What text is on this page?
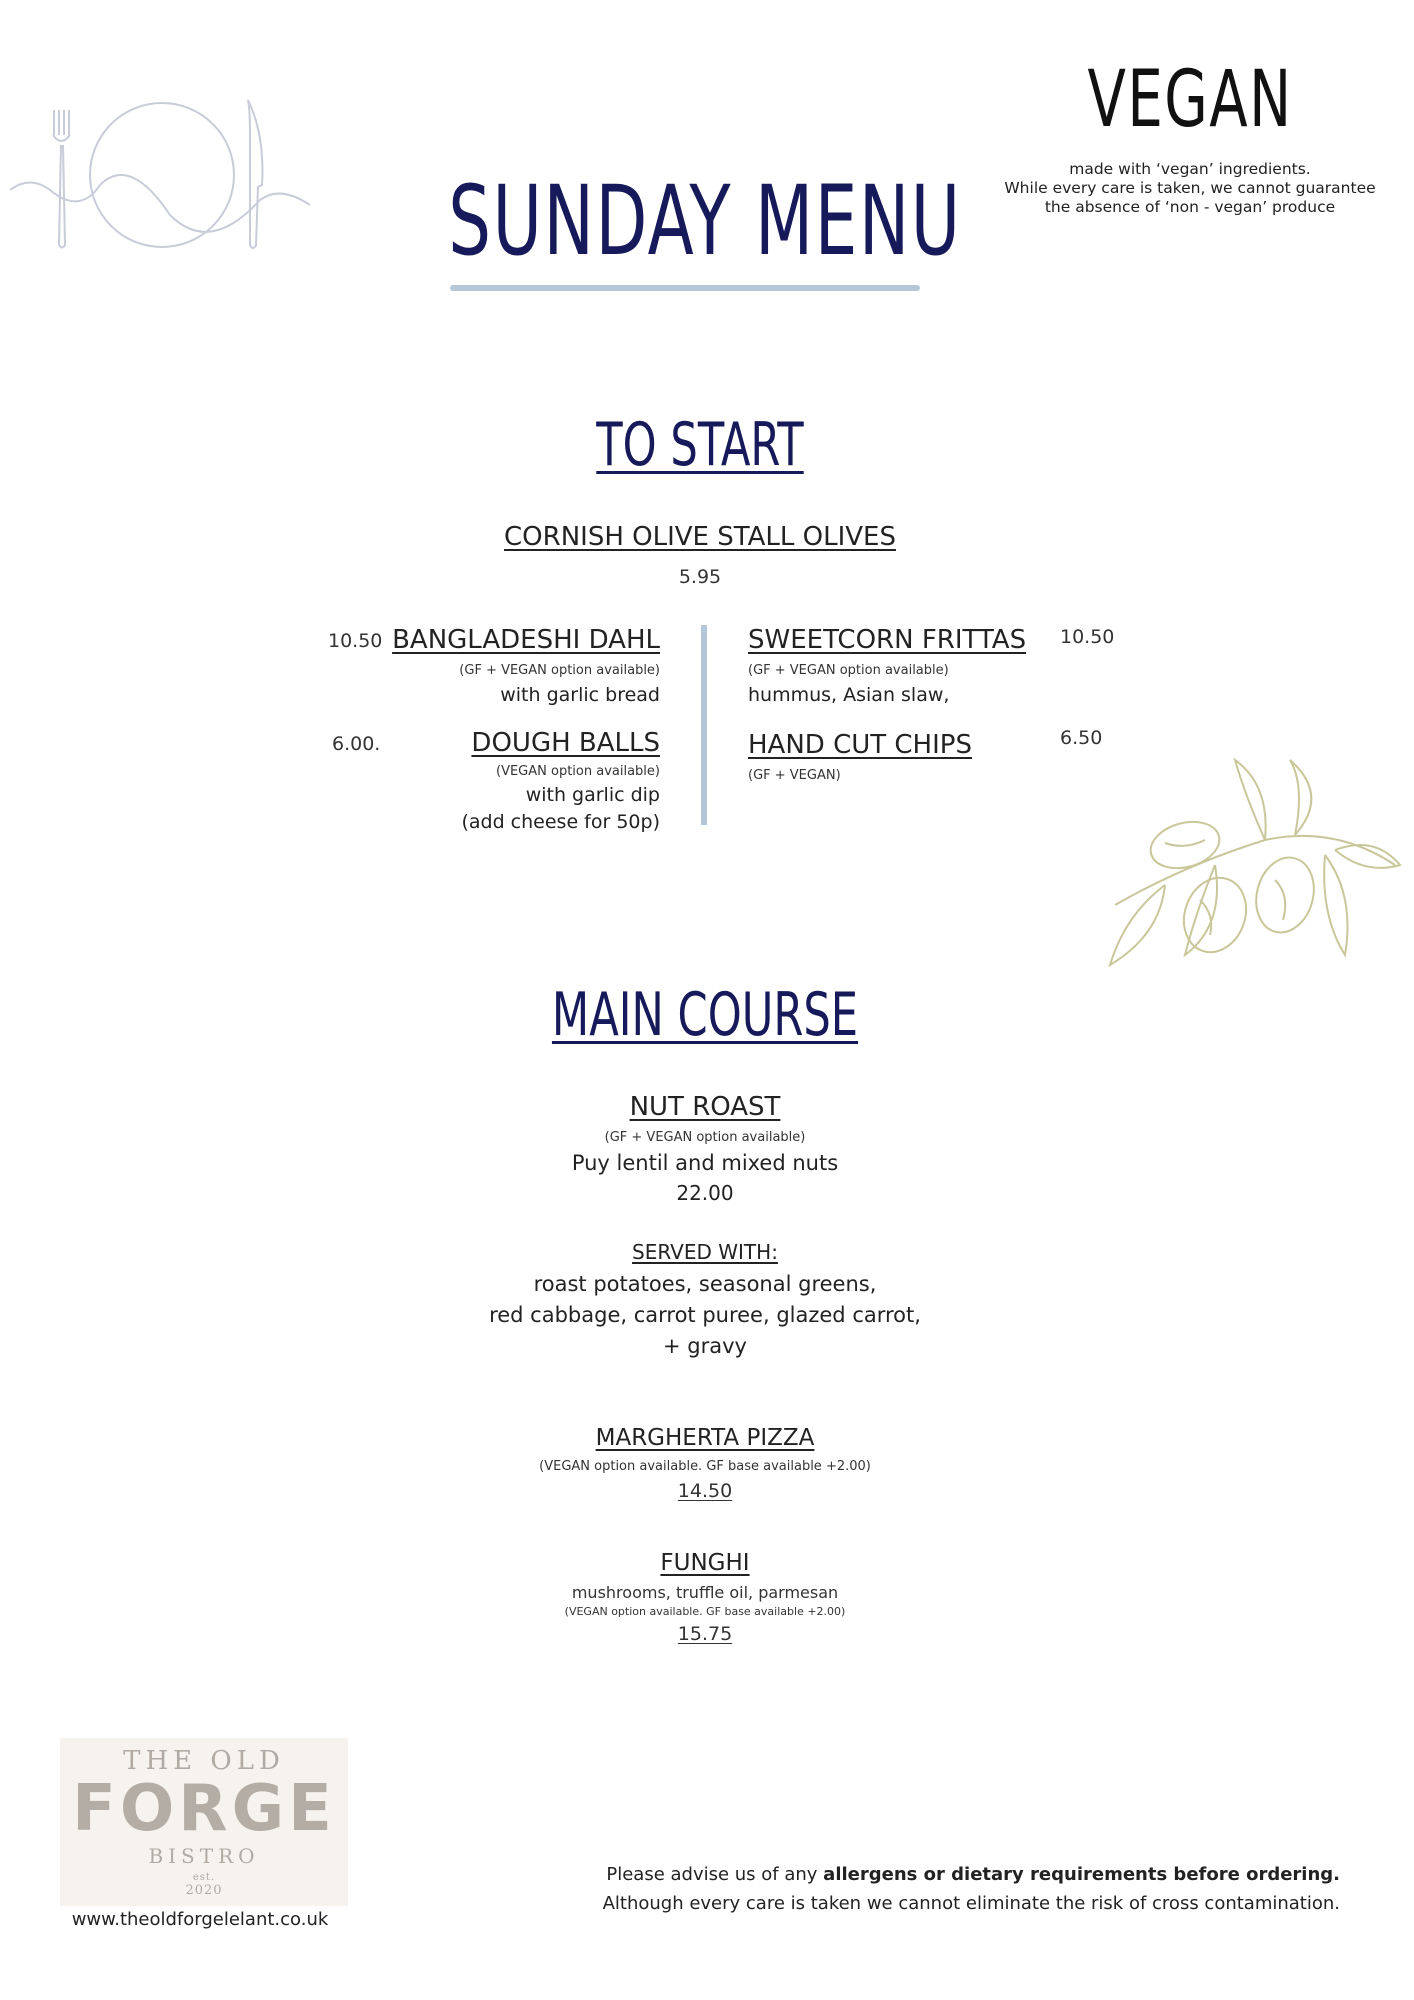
VEGAN
made with ‘vegan’ ingredients.
While every care is taken, we cannot guarantee
the absence of ‘non - vegan’ produce
SUNDAY MENU
TO START
CORNISH OLIVE STALL OLIVES
5.95
10.50 BANGLADESHI DAHL
(GF + VEGAN option available)
with garlic bread
6.00.	DOUGH BALLS
(VEGAN option available)
with garlic dip
(add cheese for 50p)
SWEETCORN FRITTAS
(GF + VEGAN option available)
hummus, Asian slaw,
10.50
HAND CUT CHIPS
(GF + VEGAN)
6.50
MAIN COURSE
NUT ROAST
(GF + VEGAN option available)
Puy lentil and mixed nuts
22.00
SERVED WITH:
roast potatoes, seasonal greens,
red cabbage, carrot puree, glazed carrot,
+ gravy
MARGHERTA PIZZA
(VEGAN option available. GF base available +2.00)
14.50
FUNGHI
mushrooms, truffle oil, parmesan
(VEGAN option available. GF base available +2.00)
15.75
THE OLD
FORGE
BISTRO
est.
2020
www.theoldforgelelant.co.uk
Please advise us of any allergens or dietary requirements before ordering.
Although every care is taken we cannot eliminate the risk of cross contamination.
